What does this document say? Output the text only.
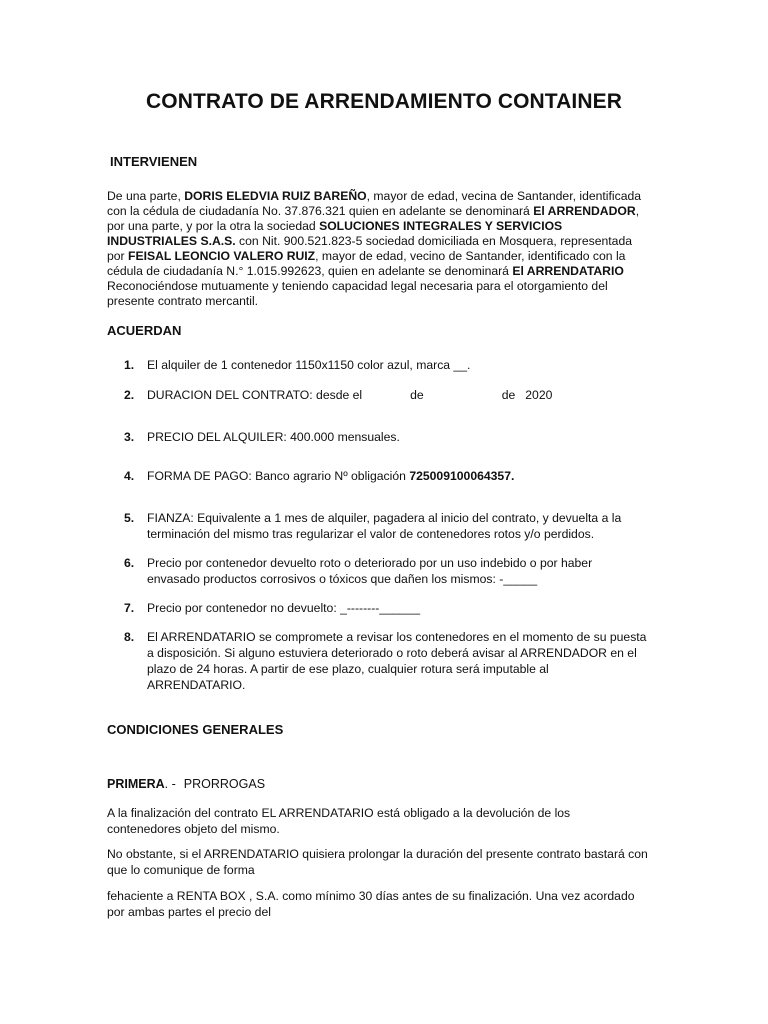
CONTRATO DE ARRENDAMIENTO CONTAINER
INTERVIENEN
De una parte, DORIS ELEDVIA RUIZ BAREÑO, mayor de edad, vecina de Santander, identificada con la cédula de ciudadanía No. 37.876.321 quien en adelante se denominará El ARRENDADOR, por una parte, y por la otra la sociedad SOLUCIONES INTEGRALES Y SERVICIOS INDUSTRIALES S.A.S. con Nit. 900.521.823-5 sociedad domiciliada en Mosquera, representada por FEISAL LEONCIO VALERO RUIZ, mayor de edad, vecino de Santander, identificado con la cédula de ciudadanía N.° 1.015.992623, quien en adelante se denominará El ARRENDATARIO Reconociéndose mutuamente y teniendo capacidad legal necesaria para el otorgamiento del presente contrato mercantil.
ACUERDAN
1.	El alquiler de 1 contenedor 1150x1150 color azul, marca __.
2.	DURACION DEL CONTRATO: desde el	de	de 2020
3.	PRECIO DEL ALQUILER: 400.000 mensuales.
4.	FORMA DE PAGO: Banco agrario Nº obligación 725009100064357.
5.	FIANZA: Equivalente a 1 mes de alquiler, pagadera al inicio del contrato, y devuelta a la terminación del mismo tras regularizar el valor de contenedores rotos y/o perdidos.
6.	Precio por contenedor devuelto roto o deteriorado por un uso indebido o por haber envasado productos corrosivos o tóxicos que dañen los mismos: -_____
7.	Precio por contenedor no devuelto: _--------______
8.	El ARRENDATARIO se compromete a revisar los contenedores en el momento de su puesta a disposición. Si alguno estuviera deteriorado o roto deberá avisar al ARRENDADOR en el plazo de 24 horas. A partir de ese plazo, cualquier rotura será imputable al ARRENDATARIO.
CONDICIONES GENERALES
PRIMERA. - PRORROGAS
A la finalización del contrato EL ARRENDATARIO está obligado a la devolución de los contenedores objeto del mismo.
No obstante, si el ARRENDATARIO quisiera prolongar la duración del presente contrato bastará con que lo comunique de forma
fehaciente a RENTA BOX , S.A. como mínimo 30 días antes de su finalización. Una vez acordado por ambas partes el precio del
